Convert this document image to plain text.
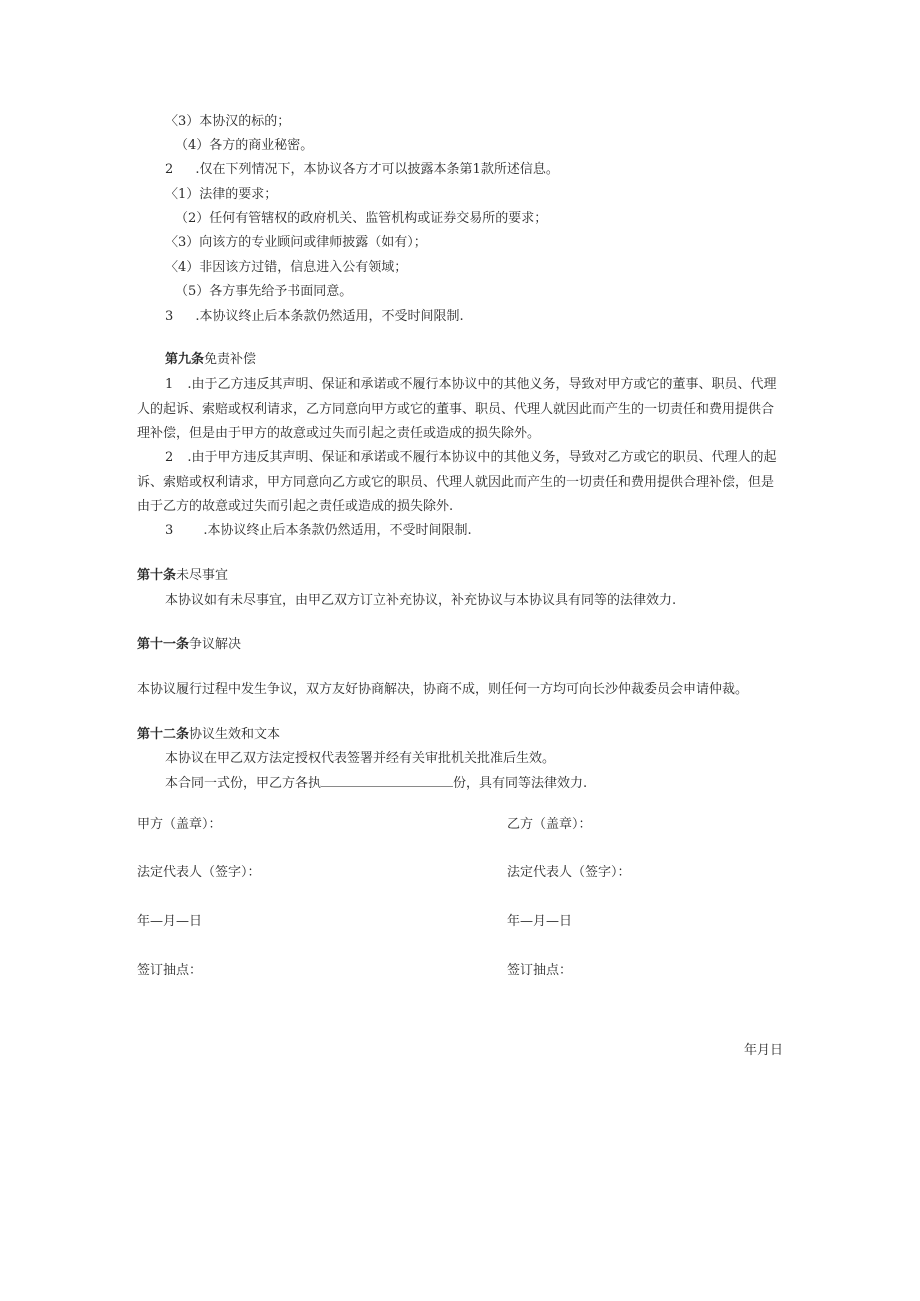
〈3）本协汉的标的；
（4）各方的商业秘密。
2 .仅在下列情况下，本协议各方才可以披露本条第1款所述信息。
〈1）法律的要求；
（2）任何有管辖权的政府机关、监管机构或证券交易所的要求；
〈3）向该方的专业顾问或律师披露（如有）；
〈4）非因该方过错，信息进入公有领域；
（5）各方事先给予书面同意。
3 .本协议终止后本条款仍然适用，不受时间限制.
第九条免责补偿
1 .由于乙方违反其声明、保证和承诺或不履行本协议中的其他义务，导致对甲方或它的董事、职员、代理
人的起诉、索赔或权利请求，乙方同意向甲方或它的董事、职员、代理人就因此而产生的一切责任和费用提供合
理补偿，但是由于甲方的故意或过失而引起之责任或造成的损失除外。
2 .由于甲方违反其声明、保证和承诺或不履行本协议中的其他义务，导致对乙方或它的职员、代理人的起
诉、索赔或权利请求，甲方同意向乙方或它的职员、代理人就因此而产生的一切责任和费用提供合理补偿，但是
由于乙方的故意或过失而引起之责任或造成的损失除外.
3 .本协议终止后本条款仍然适用，不受时间限制.
第十条未尽事宜
本协议如有未尽事宜，由甲乙双方订立补充协议，补充协议与本协议具有同等的法律效力.
第十一条争议解决
本协议履行过程中发生争议，双方友好协商解决，协商不成，则任何一方均可向长沙仲裁委员会申请仲裁。
第十二条协议生效和文本
本协议在甲乙双方法定授权代表签署并经有关审批机关批准后生效。
本合同一式份，甲乙方各执	份，具有同等法律效力.
甲方（盖章）：	乙方（盖章）：
法定代表人（签字）：	法定代表人（签字）：
年—月—日	年—月—日
签订抽点：	签订抽点：
年月日
